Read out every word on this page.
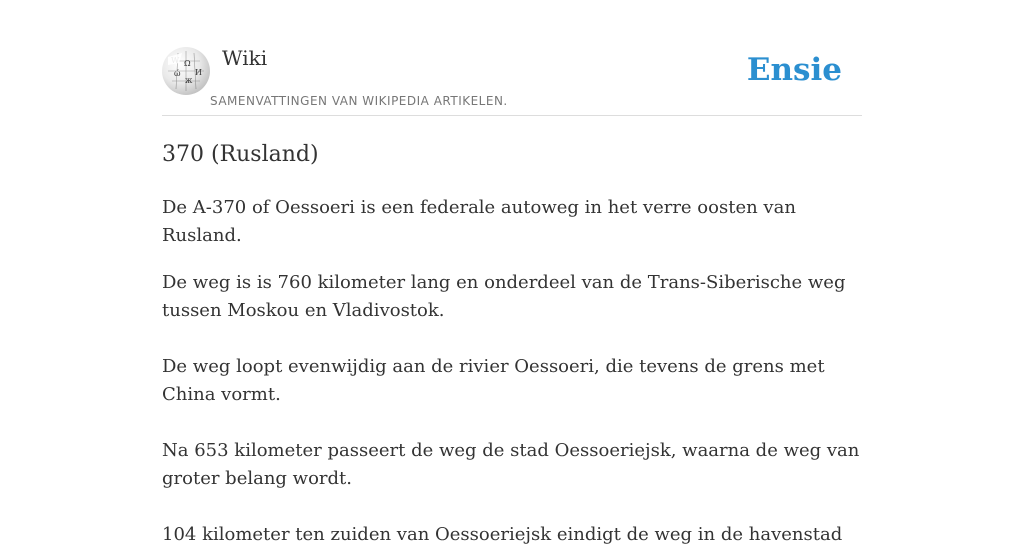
Ω
И
ώ
ж
Wiki
SAMENVATTINGEN VAN WIKIPEDIA ARTIKELEN.
Ensie
370 (Rusland)

De A-370 of Oessoeri is een federale autoweg in het verre oosten van Rusland.

De weg is is 760 kilometer lang en onderdeel van de Trans-Siberische weg tussen Moskou en Vladivostok.

De weg loopt evenwijdig aan de rivier Oessoeri, die tevens de grens met China vormt.

Na 653 kilometer passeert de weg de stad Oessoeriejsk, waarna de weg van groter belang wordt.

104 kilometer ten zuiden van Oessoeriejsk eindigt de weg in de havenstad
